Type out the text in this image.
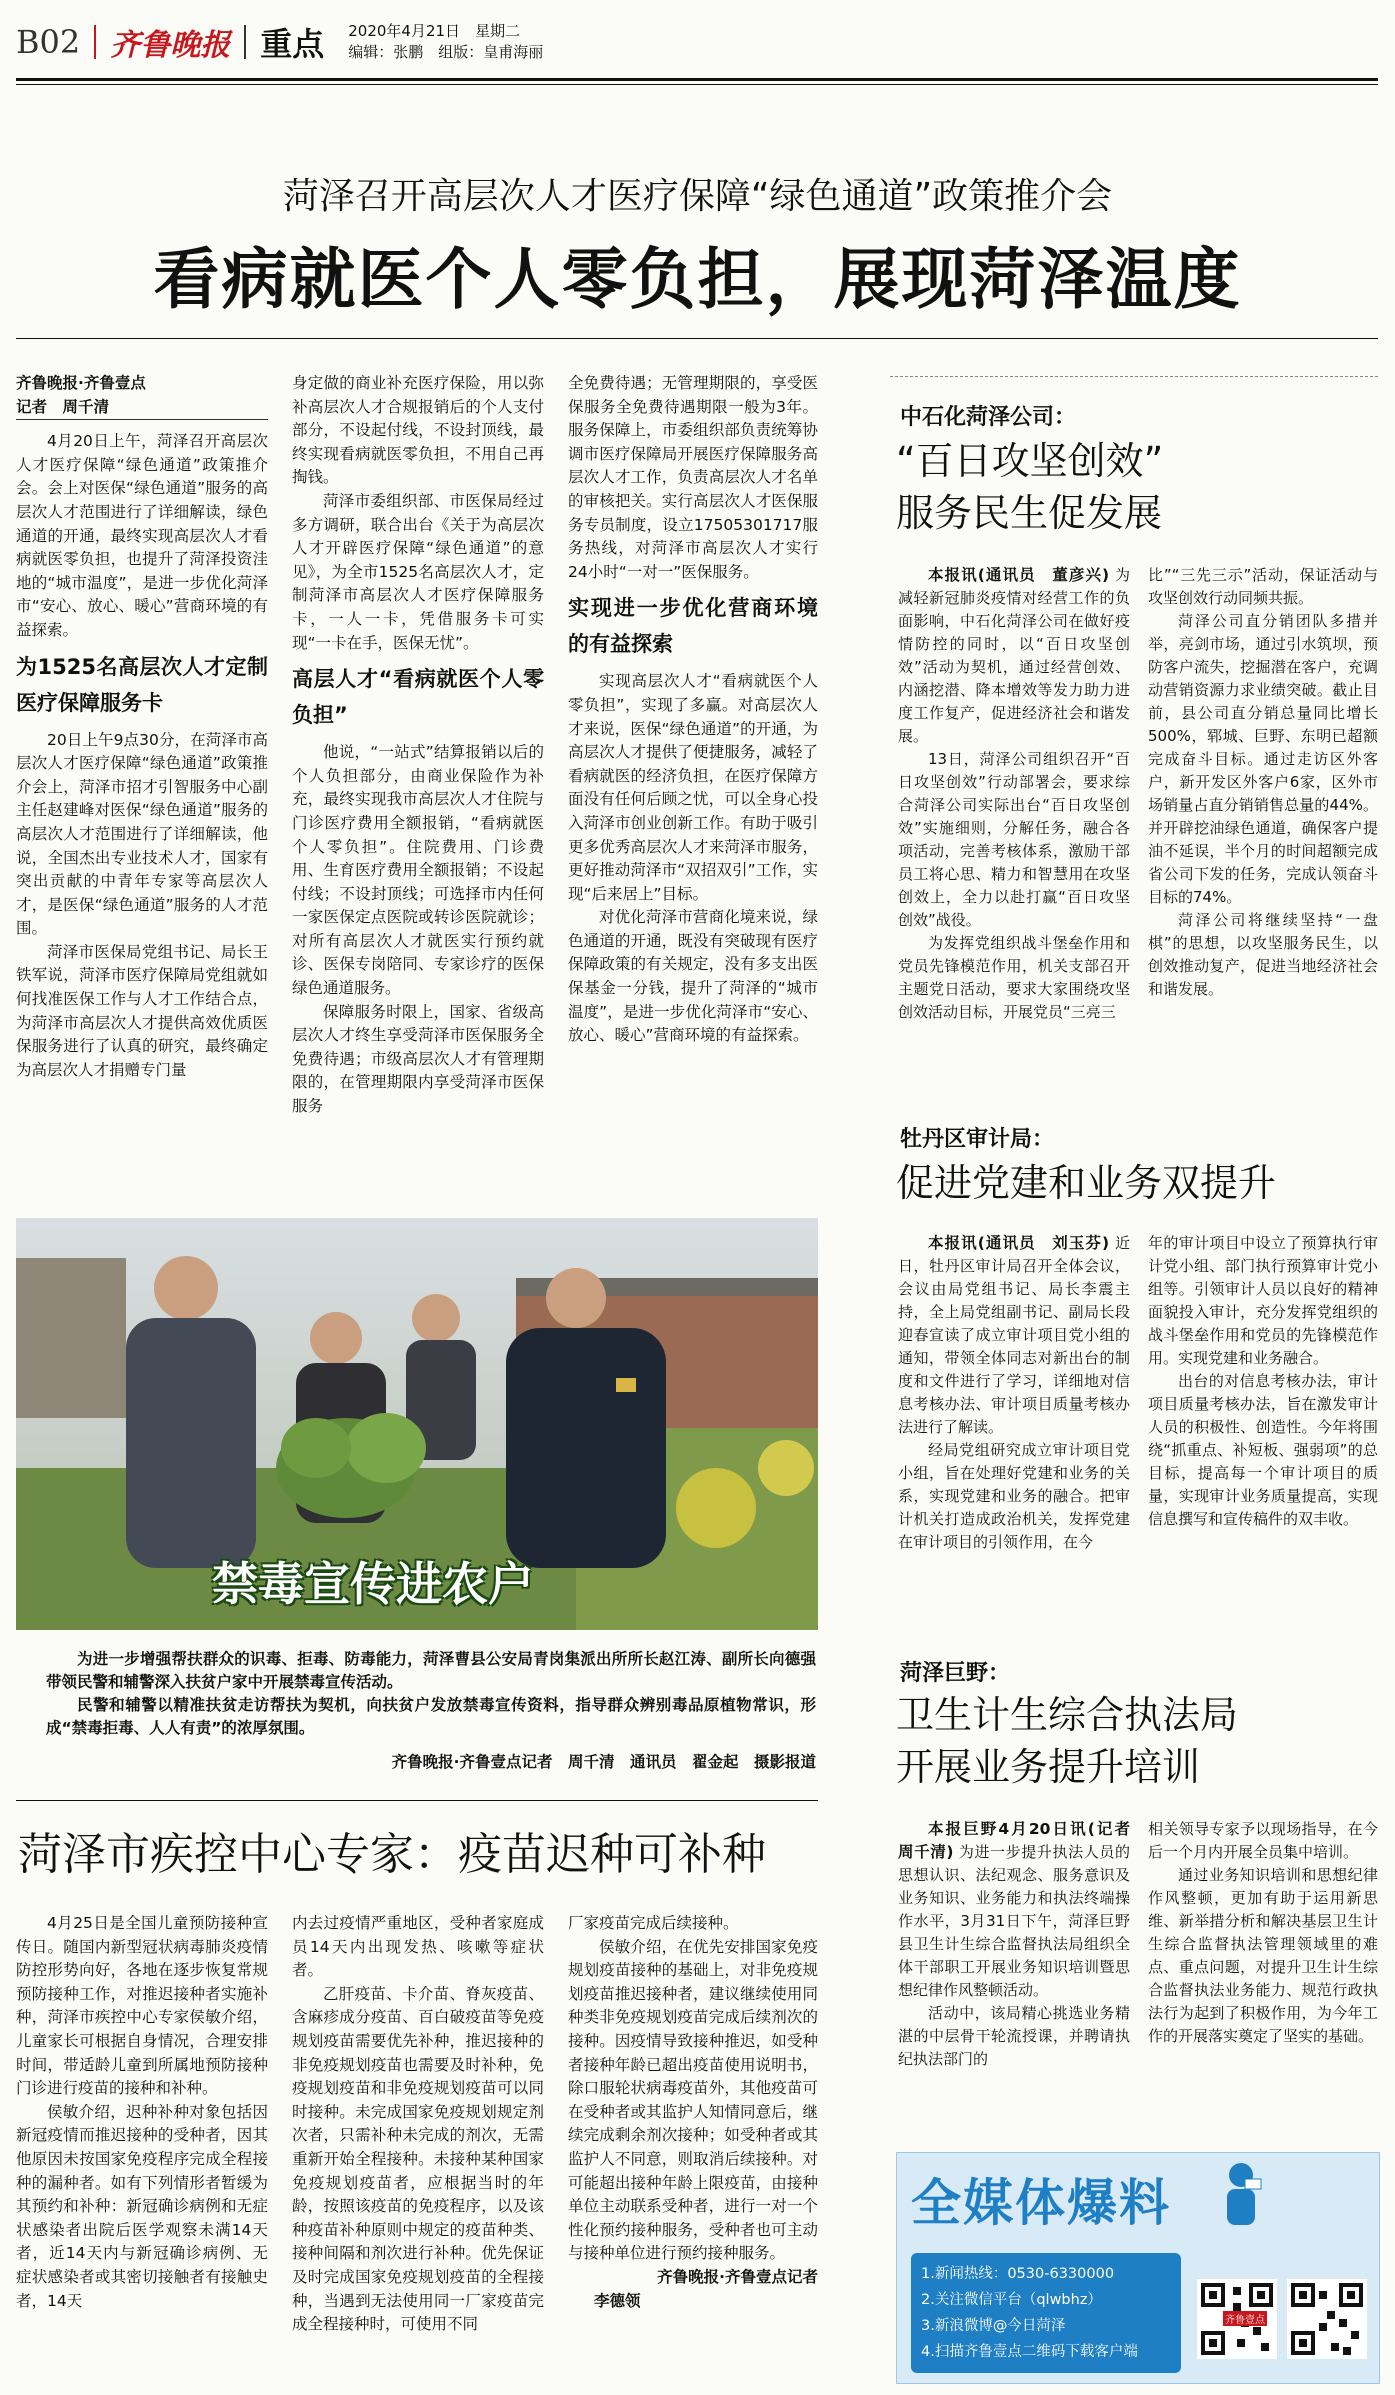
B02 齐鲁晚报 重点 2020年4月21日　 星期二
编辑：张鹏　 组版：皇甫海丽
菏泽召开高层次人才医疗保障“绿色通道”政策推介会
看病就医个人零负担，展现菏泽温度
齐鲁晚报·齐鲁壹点
记者　周千清

4月20日上午，菏泽召开高层次人才医疗保障“绿色通道”政策推介会。会上对医保“绿色通道”服务的高层次人才范围进行了详细解读，绿色通道的开通，最终实现高层次人才看病就医零负担，也提升了菏泽投资洼地的“城市温度”，是进一步优化菏泽市“安心、放心、暖心”营商环境的有益探索。

为1525名高层次人才定制医疗保障服务卡

20日上午9点30分，在菏泽市高层次人才医疗保障“绿色通道”政策推介会上，菏泽市招才引智服务中心副主任赵建峰对医保“绿色通道”服务的高层次人才范围进行了详细解读，他说，全国杰出专业技术人才，国家有突出贡献的中青年专家等高层次人才，是医保“绿色通道”服务的人才范围。

菏泽市医保局党组书记、局长王铁军说，菏泽市医疗保障局党组就如何找准医保工作与人才工作结合点，为菏泽市高层次人才提供高效优质医保服务进行了认真的研究，最终确定为高层次人才捐赠专门量

身定做的商业补充医疗保险，用以弥补高层次人才合规报销后的个人支付部分，不设起付线，不设封顶线，最终实现看病就医零负担，不用自己再掏钱。

菏泽市委组织部、市医保局经过多方调研，联合出台《关于为高层次人才开辟医疗保障“绿色通道”的意见》，为全市1525名高层次人才，定制菏泽市高层次人才医疗保障服务卡，一人一卡，凭借服务卡可实现“一卡在手，医保无忧”。

高层人才“看病就医个人零负担”

他说，“一站式”结算报销以后的个人负担部分，由商业保险作为补充，最终实现我市高层次人才住院与门诊医疗费用全额报销，“看病就医个人零负担”。住院费用、门诊费用、生育医疗费用全额报销；不设起付线；不设封顶线；可选择市内任何一家医保定点医院或转诊医院就诊；对所有高层次人才就医实行预约就诊、医保专岗陪同、专家诊疗的医保绿色通道服务。

保障服务时限上，国家、省级高层次人才终生享受菏泽市医保服务全免费待遇；市级高层次人才有管理期限的，在管理期限内享受菏泽市医保服务

全免费待遇；无管理期限的，享受医保服务全免费待遇期限一般为3年。服务保障上，市委组织部负责统筹协调市医疗保障局开展医疗保障服务高层次人才工作，负责高层次人才名单的审核把关。实行高层次人才医保服务专员制度，设立17505301717服务热线，对菏泽市高层次人才实行24小时“一对一”医保服务。

实现进一步优化营商环境的有益探索

实现高层次人才“看病就医个人零负担”，实现了多赢。对高层次人才来说，医保“绿色通道”的开通，为高层次人才提供了便捷服务，减轻了看病就医的经济负担，在医疗保障方面没有任何后顾之忧，可以全身心投入菏泽市创业创新工作。有助于吸引更多优秀高层次人才来菏泽市服务，更好推动菏泽市“双招双引”工作，实现“后来居上”目标。

对优化菏泽市营商化境来说，绿色通道的开通，既没有突破现有医疗保障政策的有关规定，没有多支出医保基金一分钱，提升了菏泽的“城市温度”，是进一步优化菏泽市“安心、放心、暖心”营商环境的有益探索。

禁毒宣传进农户

为进一步增强帮扶群众的识毒、拒毒、防毒能力，菏泽曹县公安局青岗集派出所所长赵江涛、副所长向德强带领民警和辅警深入扶贫户家中开展禁毒宣传活动。

民警和辅警以精准扶贫走访帮扶为契机，向扶贫户发放禁毒宣传资料，指导群众辨别毒品原植物常识，形成“禁毒拒毒、人人有责”的浓厚氛围。

齐鲁晚报·齐鲁壹点记者　周千清　通讯员　翟金起　摄影报道
菏泽市疾控中心专家：疫苗迟种可补种

4月25日是全国儿童预防接种宣传日。随国内新型冠状病毒肺炎疫情防控形势向好，各地在逐步恢复常规预防接种工作，对推迟接种者实施补种，菏泽市疾控中心专家侯敏介绍，儿童家长可根据自身情况，合理安排时间，带适龄儿童到所属地预防接种门诊进行疫苗的接种和补种。

侯敏介绍，迟种补种对象包括因新冠疫情而推迟接种的受种者，因其他原因未按国家免疫程序完成全程接种的漏种者。如有下列情形者暂缓为其预约和补种：新冠确诊病例和无症状感染者出院后医学观察未满14天者，近14天内与新冠确诊病例、无症状感染者或其密切接触者有接触史者，14天

内去过疫情严重地区，受种者家庭成员14天内出现发热、咳嗽等症状者。

乙肝疫苗、卡介苗、脊灰疫苗、含麻疹成分疫苗、百白破疫苗等免疫规划疫苗需要优先补种，推迟接种的非免疫规划疫苗也需要及时补种，免疫规划疫苗和非免疫规划疫苗可以同时接种。未完成国家免疫规划规定剂次者，只需补种未完成的剂次，无需重新开始全程接种。未接种某种国家免疫规划疫苗者，应根据当时的年龄，按照该疫苗的免疫程序，以及该种疫苗补种原则中规定的疫苗种类、接种间隔和剂次进行补种。优先保证及时完成国家免疫规划疫苗的全程接种，当遇到无法使用同一厂家疫苗完成全程接种时，可使用不同

厂家疫苗完成后续接种。

侯敏介绍，在优先安排国家免疫规划疫苗接种的基础上，对非免疫规划疫苗推迟接种者，建议继续使用同种类非免疫规划疫苗完成后续剂次的接种。因疫情导致接种推迟，如受种者接种年龄已超出疫苗使用说明书，除口服轮状病毒疫苗外，其他疫苗可在受种者或其监护人知情同意后，继续完成剩余剂次接种；如受种者或其监护人不同意，则取消后续接种。对可能超出接种年龄上限疫苗，由接种单位主动联系受种者，进行一对一个性化预约接种服务，受种者也可主动与接种单位进行预约接种服务。

齐鲁晚报·齐鲁壹点记者
李德领
中石化菏泽公司：
“百日攻坚创效”
服务民生促发展

本报讯(通讯员　董彦兴) 为减轻新冠肺炎疫情对经营工作的负面影响，中石化菏泽公司在做好疫情防控的同时，以“百日攻坚创效”活动为契机，通过经营创效、内涵挖潜、降本增效等发力助力进度工作复产，促进经济社会和谐发展。

13日，菏泽公司组织召开“百日攻坚创效”行动部署会，要求综合菏泽公司实际出台“百日攻坚创效”实施细则，分解任务，融合各项活动，完善考核体系，激励干部员工将心思、精力和智慧用在攻坚创效上，全力以赴打赢“百日攻坚创效”战役。

为发挥党组织战斗堡垒作用和党员先锋模范作用，机关支部召开主题党日活动，要求大家围绕攻坚创效活动目标，开展党员“三亮三

比”“三先三示”活动，保证活动与攻坚创效行动同频共振。

菏泽公司直分销团队多措并举，亮剑市场，通过引水筑坝，预防客户流失，挖掘潜在客户，充调动营销资源力求业绩突破。截止目前，县公司直分销总量同比增长500%，郓城、巨野、东明已超额完成奋斗目标。通过走访区外客户，新开发区外客户6家，区外市场销量占直分销销售总量的44%。并开辟挖油绿色通道，确保客户提油不延误，半个月的时间超额完成省公司下发的任务，完成认领奋斗目标的74%。

菏泽公司将继续坚持“一盘棋”的思想，以攻坚服务民生，以创效推动复产，促进当地经济社会和谐发展。

牡丹区审计局：
促进党建和业务双提升

本报讯(通讯员　刘玉芬) 近日，牡丹区审计局召开全体会议，会议由局党组书记、局长李震主持，全上局党组副书记、副局长段迎春宣读了成立审计项目党小组的通知，带领全体同志对新出台的制度和文件进行了学习，详细地对信息考核办法、审计项目质量考核办法进行了解读。

经局党组研究成立审计项目党小组，旨在处理好党建和业务的关系，实现党建和业务的融合。把审计机关打造成政治机关，发挥党建在审计项目的引领作用，在今

年的审计项目中设立了预算执行审计党小组、部门执行预算审计党小组等。引领审计人员以良好的精神面貌投入审计，充分发挥党组织的战斗堡垒作用和党员的先锋模范作用。实现党建和业务融合。

出台的对信息考核办法，审计项目质量考核办法，旨在激发审计人员的积极性、创造性。今年将围绕“抓重点、补短板、强弱项”的总目标，提高每一个审计项目的质量，实现审计业务质量提高，实现信息撰写和宣传稿件的双丰收。

菏泽巨野：
卫生计生综合执法局
开展业务提升培训

本报巨野4月20日讯(记者　周千清) 为进一步提升执法人员的思想认识、法纪观念、服务意识及业务知识、业务能力和执法终端操作水平，3月31日下午，菏泽巨野县卫生计生综合监督执法局组织全体干部职工开展业务知识培训暨思想纪律作风整顿活动。

活动中，该局精心挑选业务精湛的中层骨干轮流授课，并聘请执纪执法部门的

相关领导专家予以现场指导，在今后一个月内开展全员集中培训。

通过业务知识培训和思想纪律作风整顿，更加有助于运用新思维、新举措分析和解决基层卫生计生综合监督执法管理领域里的难点、重点问题，对提升卫生计生综合监督执法业务能力、规范行政执法行为起到了积极作用，为今年工作的开展落实奠定了坚实的基础。

全媒体爆料
1.新闻热线：0530-6330000
2.关注微信平台（qlwbhz）
3.新浪微博@今日菏泽
4.扫描齐鲁壹点二维码下载客户端
齐鲁壹点
